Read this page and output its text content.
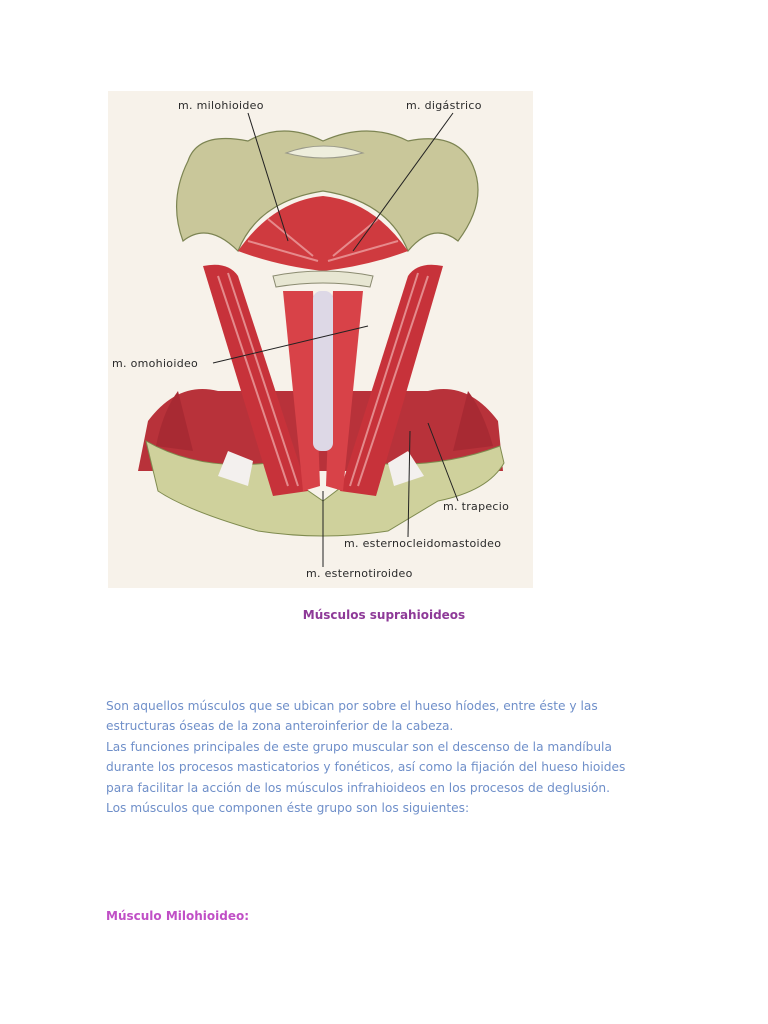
m. milohioideo	m. digástrico
m. omohioideo
m. trapecio
m. esternocleidomastoideo
m. esternotiroideo

Músculos suprahioideos

Son aquellos músculos que se ubican por sobre el hueso híodes, entre éste y las

estructuras óseas de la zona anteroinferior de la cabeza.

Las funciones principales de este grupo muscular son el descenso de la mandíbula

durante los procesos masticatorios y fonéticos, así como la fijación del hueso hioides

para facilitar la acción de los músculos infrahioideos en los procesos de deglusión.

Los músculos que componen éste grupo son los siguientes:

Músculo Milohioideo:
